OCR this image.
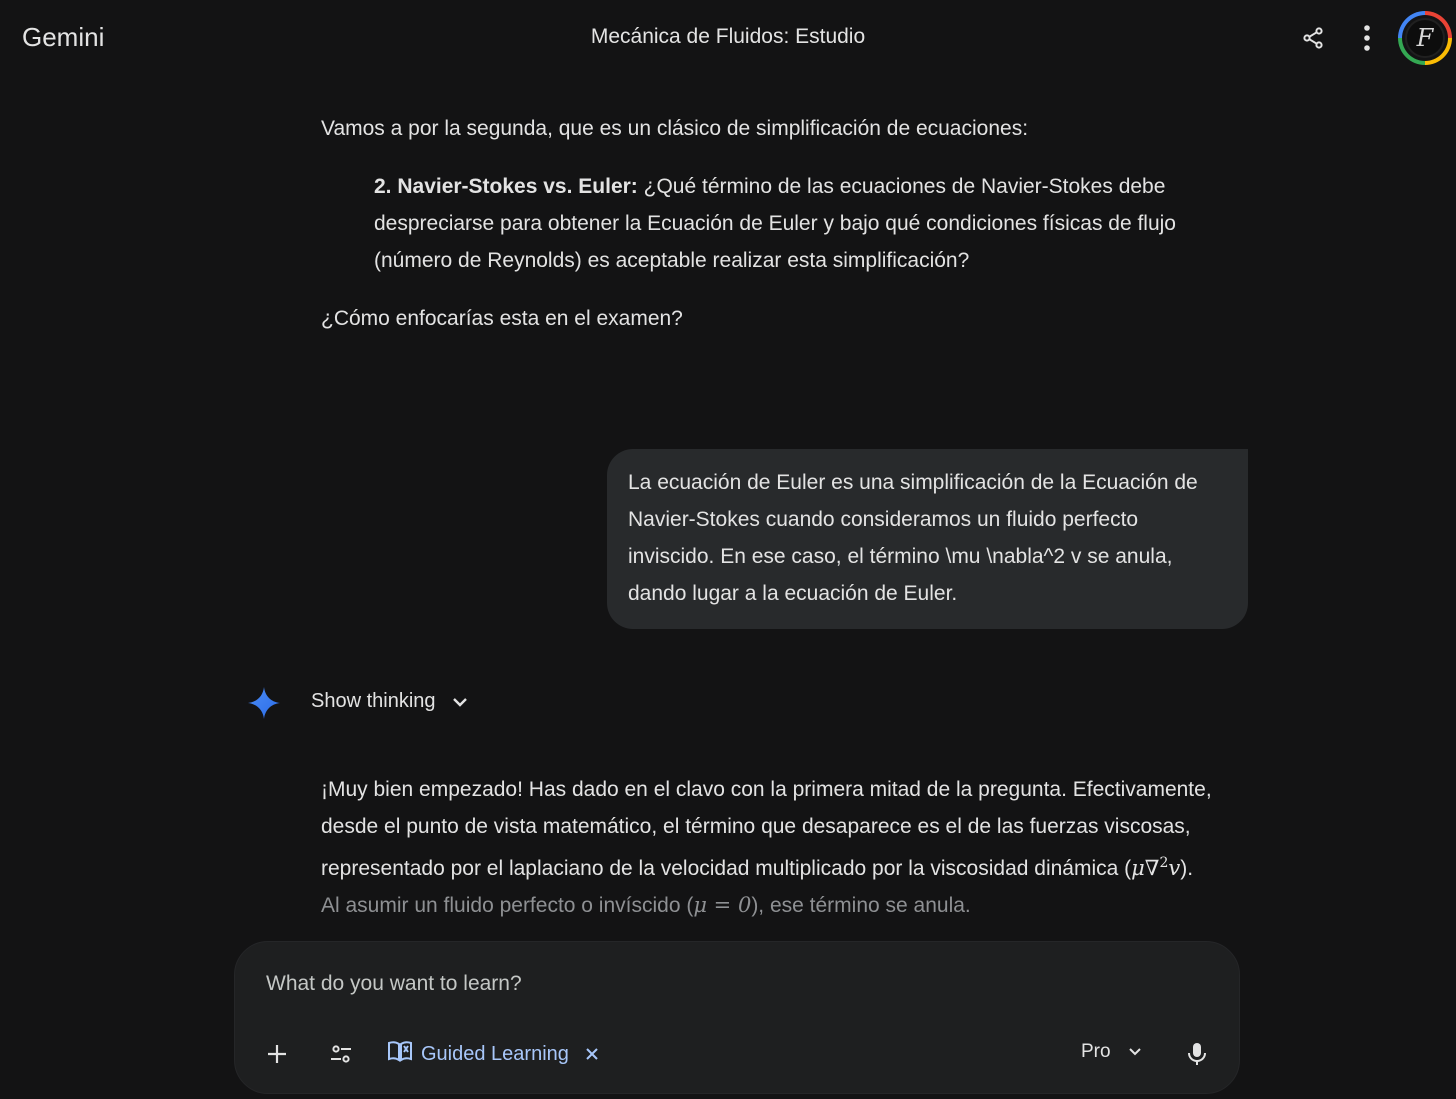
Gemini	Mecánica de Fluidos: Estudio	F
Vamos a por la segunda, que es un clásico de simplificación de ecuaciones:
2. Navier-Stokes vs. Euler: ¿Qué término de las ecuaciones de Navier-Stokes debe despreciarse para obtener la Ecuación de Euler y bajo qué condiciones físicas de flujo (número de Reynolds) es aceptable realizar esta simplificación?
¿Cómo enfocarías esta en el examen?
La ecuación de Euler es una simplificación de la Ecuación de Navier-Stokes cuando consideramos un fluido perfecto inviscido. En ese caso, el término \mu \nabla^2 v se anula, dando lugar a la ecuación de Euler.
Show thinking
¡Muy bien empezado! Has dado en el clavo con la primera mitad de la pregunta. Efectivamente, desde el punto de vista matemático, el término que desaparece es el de las fuerzas viscosas, representado por el laplaciano de la velocidad multiplicado por la viscosidad dinámica (μ∇$^2$v).
Al asumir un fluido perfecto o invíscido (μ = 0), ese término se anula.
What do you want to learn?
Guided Learning	Pro
